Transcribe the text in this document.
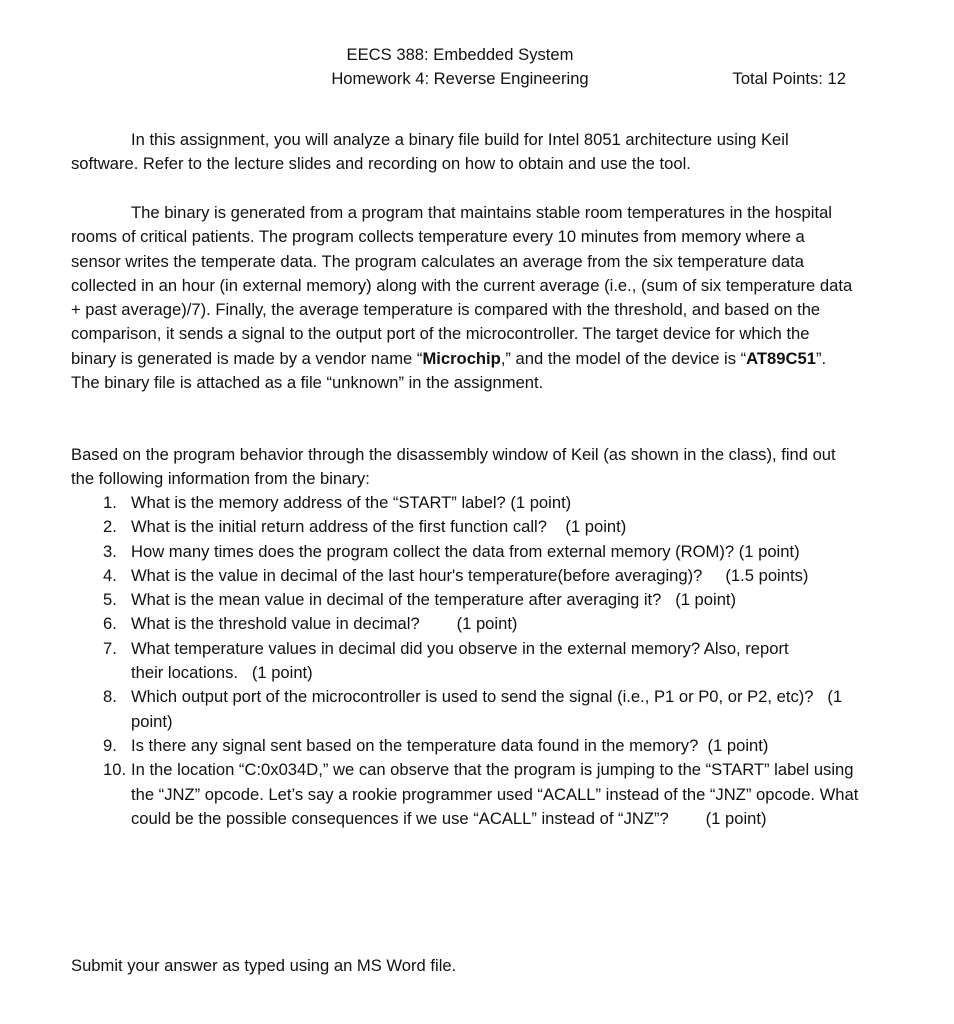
EECS 388: Embedded System
Homework 4: Reverse Engineering	Total Points: 12

In this assignment, you will analyze a binary file build for Intel 8051 architecture using Keil software. Refer to the lecture slides and recording on how to obtain and use the tool.

The binary is generated from a program that maintains stable room temperatures in the hospital rooms of critical patients. The program collects temperature every 10 minutes from memory where a sensor writes the temperate data. The program calculates an average from the six temperature data collected in an hour (in external memory) along with the current average (i.e., (sum of six temperature data + past average)/7). Finally, the average temperature is compared with the threshold, and based on the comparison, it sends a signal to the output port of the microcontroller. The target device for which the binary is generated is made by a vendor name “Microchip,” and the model of the device is “AT89C51”. The binary file is attached as a file “unknown” in the assignment.

Based on the program behavior through the disassembly window of Keil (as shown in the class), find out the following information from the binary:

1. What is the memory address of the “START” label? (1 point)
2. What is the initial return address of the first function call?    (1 point)
3. How many times does the program collect the data from external memory (ROM)? (1 point)
4. What is the value in decimal of the last hour's temperature(before averaging)?     (1.5 points)
5. What is the mean value in decimal of the temperature after averaging it?   (1 point)
6. What is the threshold value in decimal?        (1 point)
7. What temperature values in decimal did you observe in the external memory? Also, report their locations.   (1 point)
8. Which output port of the microcontroller is used to send the signal (i.e., P1 or P0, or P2, etc)?   (1 point)
9. Is there any signal sent based on the temperature data found in the memory?  (1 point)
10. In the location “C:0x034D,” we can observe that the program is jumping to the “START” label using the “JNZ” opcode. Let’s say a rookie programmer used “ACALL” instead of the “JNZ” opcode. What could be the possible consequences if we use “ACALL” instead of “JNZ”?        (1 point)

Submit your answer as typed using an MS Word file.
